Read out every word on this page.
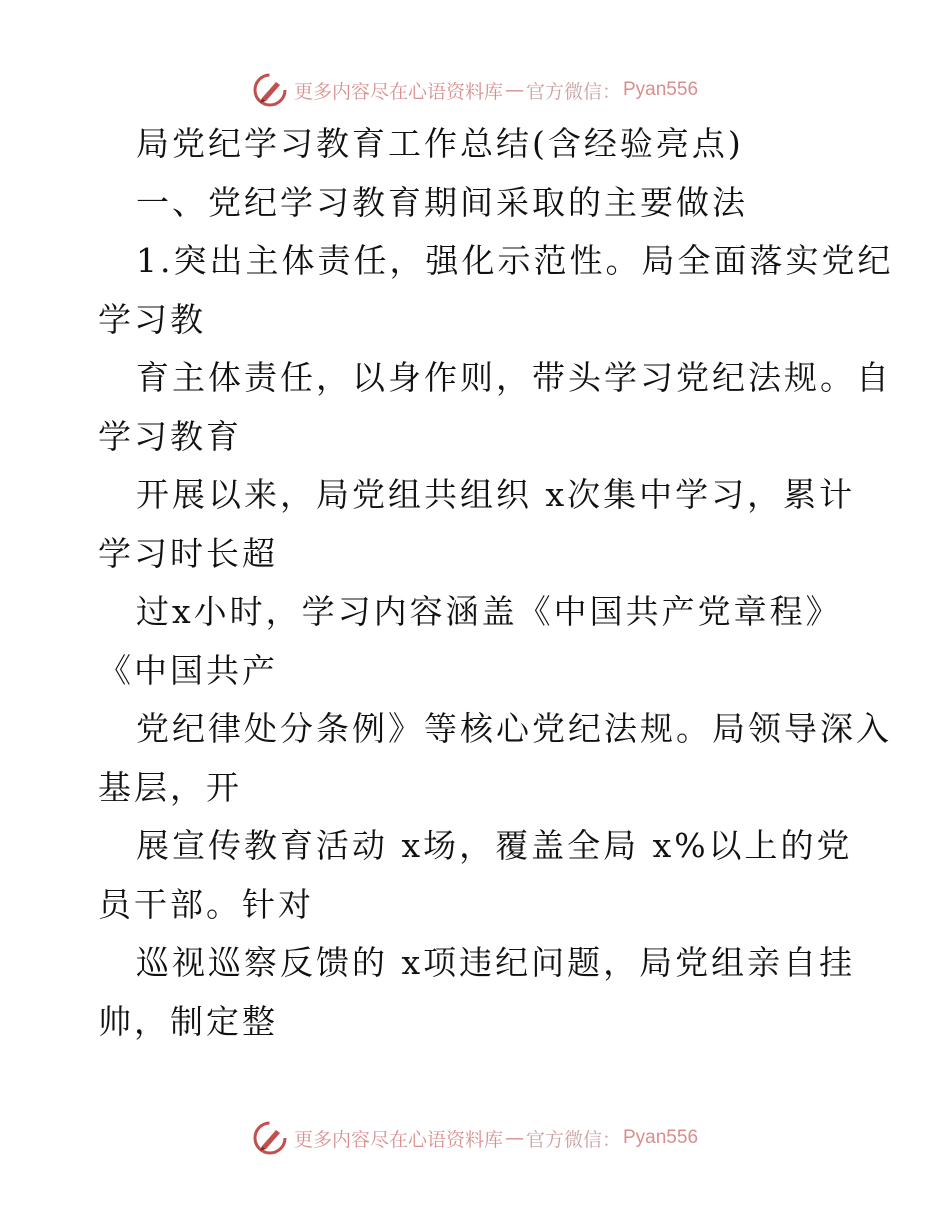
更多内容尽在心语资料库 — 官方微信： Pyan556
局党纪学习教育工作总结(含经验亮点)
一、党纪学习教育期间采取的主要做法
1.突出主体责任，强化示范性。局全面落实党纪
学习教
育主体责任，以身作则，带头学习党纪法规。自
学习教育
开展以来，局党组共组织 x次集中学习，累计
学习时长超
过x小时，学习内容涵盖《中国共产党章程》
《中国共产
党纪律处分条例》等核心党纪法规。局领导深入
基层，开
展宣传教育活动 x场，覆盖全局 x%以上的党
员干部。针对
巡视巡察反馈的 x项违纪问题，局党组亲自挂
帅，制定整
更多内容尽在心语资料库 — 官方微信： Pyan556
